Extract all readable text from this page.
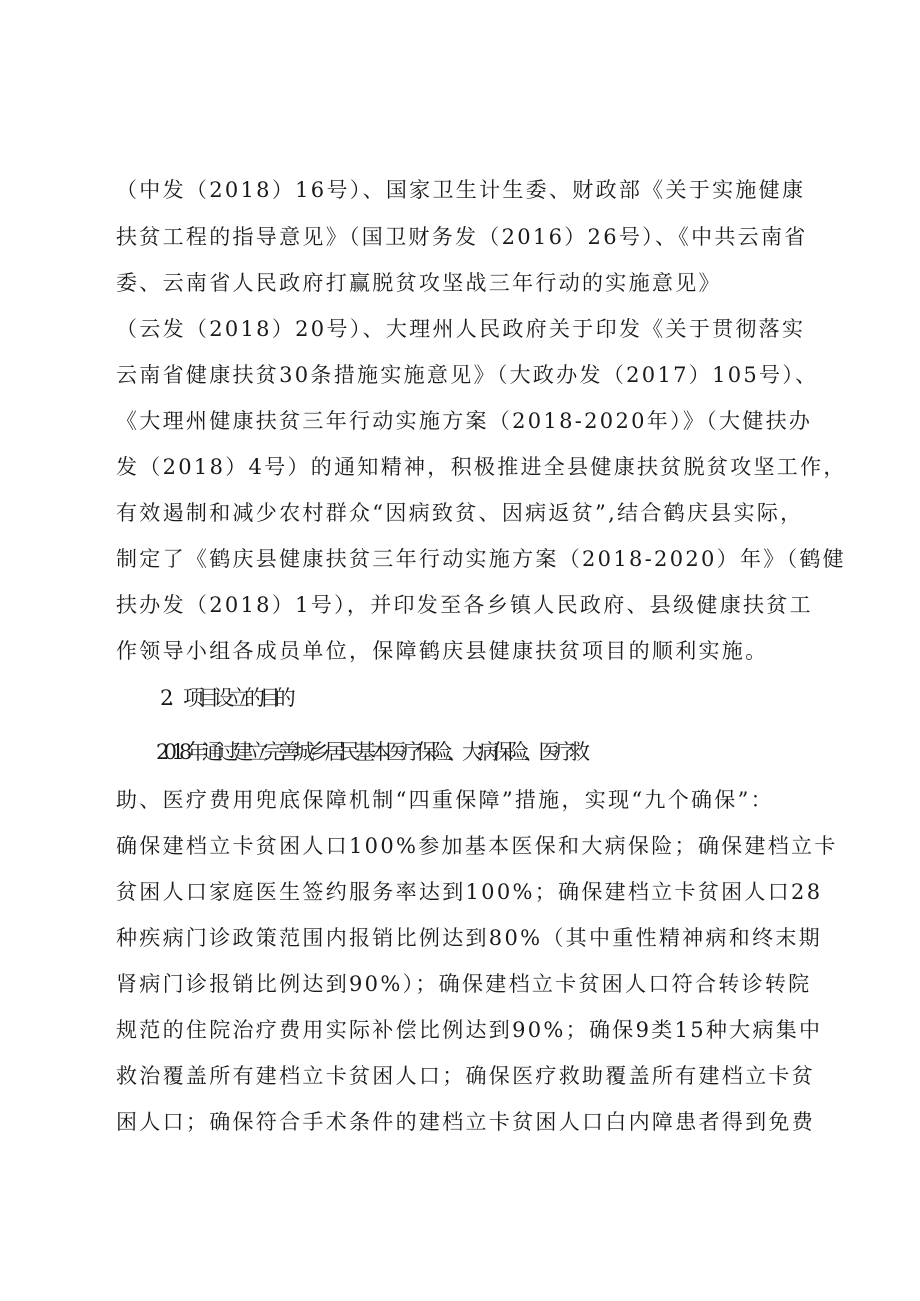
（中发（2018）16号）、国家卫生计生委、财政部《关于实施健康
扶贫工程的指导意见》（国卫财务发（2016）26号）、《中共云南省
委、云南省人民政府打赢脱贫攻坚战三年行动的实施意见》
（云发（2018）20号）、大理州人民政府关于印发《关于贯彻落实
云南省健康扶贫30条措施实施意见》（大政办发（2017）105号）、
《大理州健康扶贫三年行动实施方案（2018-2020年）》（大健扶办
发（2018）4号）的通知精神，积极推进全县健康扶贫脱贫攻坚工作，
有效遏制和减少农村群众“因病致贫、因病返贫”,结合鹤庆县实际，
制定了《鹤庆县健康扶贫三年行动实施方案（2018-2020）年》（鹤健
扶办发（2018）1号），并印发至各乡镇人民政府、县级健康扶贫工
作领导小组各成员单位，保障鹤庆县健康扶贫项目的顺利实施。
2．项目设立的目的
2018年通过建立完善城乡居民基本医疗保险、大病保险、医疗救
助、医疗费用兜底保障机制“四重保障”措施，实现“九个确保”：
确保建档立卡贫困人口100%参加基本医保和大病保险；确保建档立卡
贫困人口家庭医生签约服务率达到100%；确保建档立卡贫困人口28
种疾病门诊政策范围内报销比例达到80%（其中重性精神病和终末期
肾病门诊报销比例达到90%）；确保建档立卡贫困人口符合转诊转院
规范的住院治疗费用实际补偿比例达到90%；确保9类15种大病集中
救治覆盖所有建档立卡贫困人口；确保医疗救助覆盖所有建档立卡贫
困人口；确保符合手术条件的建档立卡贫困人口白内障患者得到免费
